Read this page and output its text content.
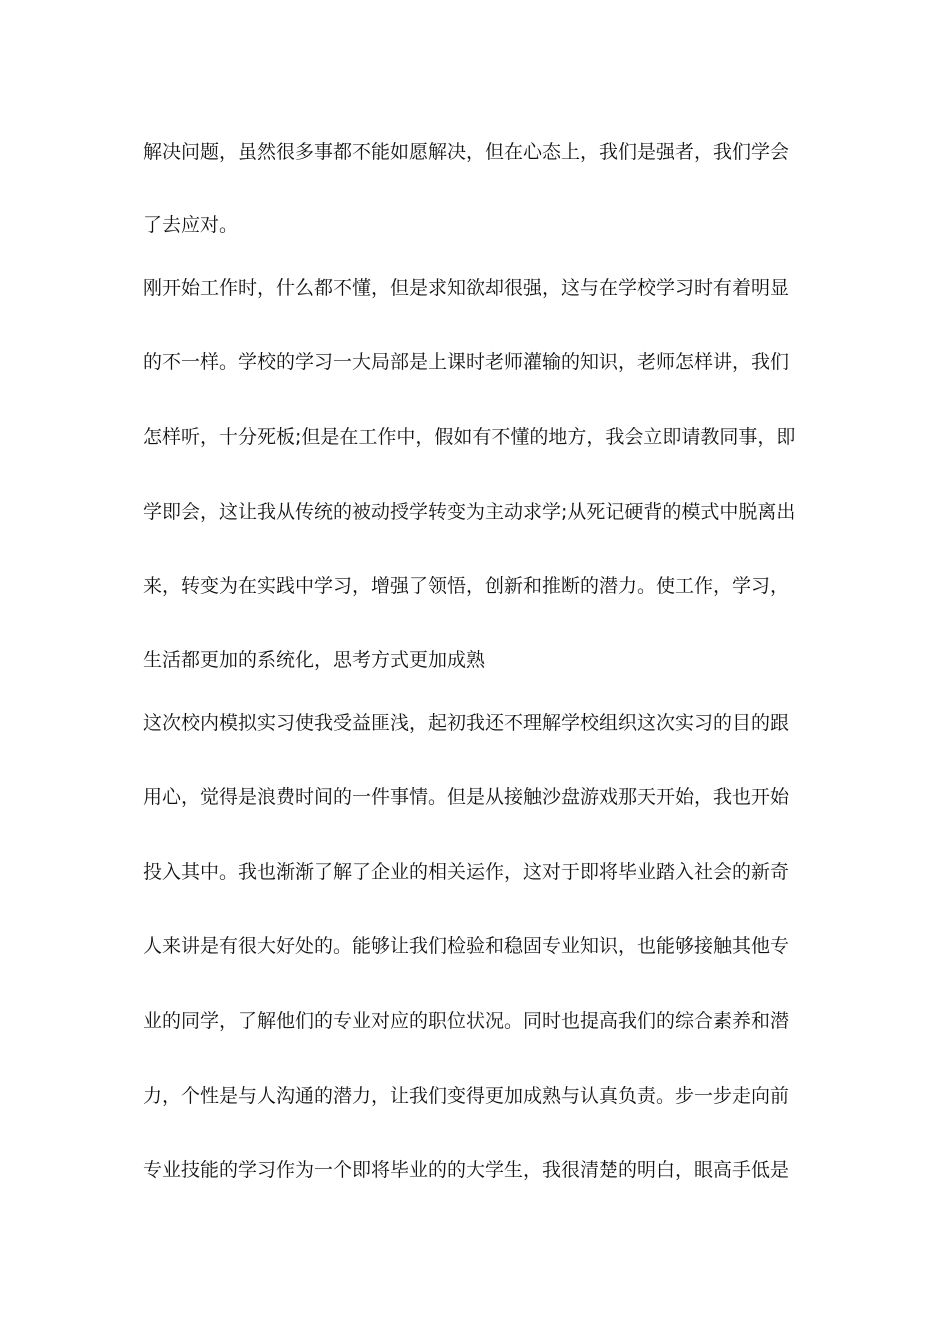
解决问题，虽然很多事都不能如愿解决，但在心态上，我们是强者，我们学会
了去应对。
刚开始工作时，什么都不懂，但是求知欲却很强，这与在学校学习时有着明显
的不一样。学校的学习一大局部是上课时老师灌输的知识，老师怎样讲，我们
怎样听，十分死板;但是在工作中，假如有不懂的地方，我会立即请教同事，即
学即会，这让我从传统的被动授学转变为主动求学;从死记硬背的模式中脱离出
来，转变为在实践中学习，增强了领悟，创新和推断的潜力。使工作，学习，
生活都更加的系统化，思考方式更加成熟
这次校内模拟实习使我受益匪浅，起初我还不理解学校组织这次实习的目的跟
用心，觉得是浪费时间的一件事情。但是从接触沙盘游戏那天开始，我也开始
投入其中。我也渐渐了解了企业的相关运作，这对于即将毕业踏入社会的新奇
人来讲是有很大好处的。能够让我们检验和稳固专业知识，也能够接触其他专
业的同学，了解他们的专业对应的职位状况。同时也提高我们的综合素养和潜
力，个性是与人沟通的潜力，让我们变得更加成熟与认真负责。步一步走向前
专业技能的学习作为一个即将毕业的的大学生，我很清楚的明白，眼高手低是
